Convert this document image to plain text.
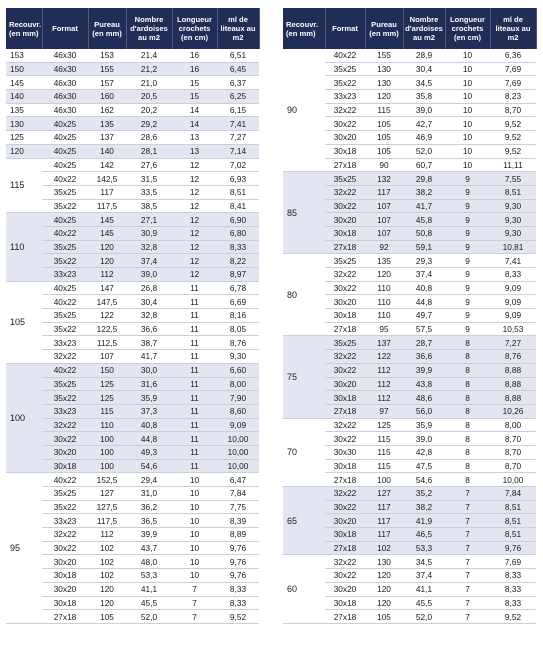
Recouvr. (en mm)	Format	Pureau (en mm)	Nombre d'ardoises au m2	Longueur crochets (en cm)	ml de liteaux au m2
153	46x30	153	21,4	16	6,51
150	46x30	155	21,2	16	6,45
145	46x30	157	21,0	15	6,37
140	46x30	160	20,5	15	6,25
135	46x30	162	20,2	14	6,15
130	40x25	135	29,2	14	7,41
125	40x25	137	28,6	13	7,27
120	40x25	140	28,1	13	7,14
115	40x25	142	27,6	12	7,02
	40x22	142,5	31,5	12	6,93
	35x25	117	33,5	12	8,51
	35x22	117,5	38,5	12	8,41
110	40x25	145	27,1	12	6,90
	40x22	145	30,9	12	6,80
	35x25	120	32,8	12	8,33
	35x22	120	37,4	12	8,22
	33x23	112	39,0	12	8,97
105	40x25	147	26,8	11	6,78
	40x22	147,5	30,4	11	6,69
	35x25	122	32,8	11	8,16
	35x22	122,5	36,6	11	8,05
	33x23	112,5	38,7	11	8,76
	32x22	107	41,7	11	9,30
100	40x22	150	30,0	11	6,60
	35x25	125	31,6	11	8,00
	35x22	125	35,9	11	7,90
	33x23	115	37,3	11	8,60
	32x22	110	40,8	11	9,09
	30x22	100	44,8	11	10,00
	30x20	100	49,3	11	10,00
	30x18	100	54,6	11	10,00
95	40x22	152,5	29,4	10	6,47
	35x25	127	31,0	10	7,84
	35x22	127,5	36,2	10	7,75
	33x23	117,5	36,5	10	8,39
	32x22	112	39,9	10	8,89
	30x22	102	43,7	10	9,76
	30x20	102	48,0	10	9,76
	30x18	102	53,3	10	9,76
	30x20	120	41,1	7	8,33
	30x18	120	45,5	7	8,33
	27x18	105	52,0	7	9,52
Recouvr. (en mm)	Format	Pureau (en mm)	Nombre d'ardoises au m2	Longueur crochets (en cm)	ml de liteaux au m2
90	40x22	155	28,9	10	6,36
	35x25	130	30,4	10	7,69
	35x22	130	34,5	10	7,69
	33x23	120	35,8	10	8,23
	32x22	115	39,0	10	8,70
	30x22	105	42,7	10	9,52
	30x20	105	46,9	10	9,52
	30x18	105	52,0	10	9,52
	27x18	90	60,7	10	11,11
85	35x25	132	29,8	9	7,55
	32x22	117	38,2	9	8,51
	30x22	107	41,7	9	9,30
	30x20	107	45,8	9	9,30
	30x18	107	50,8	9	9,30
	27x18	92	59,1	9	10,81
80	35x25	135	29,3	9	7,41
	32x22	120	37,4	9	8,33
	30x22	110	40,8	9	9,09
	30x20	110	44,8	9	9,09
	30x18	110	49,7	9	9,09
	27x18	95	57,5	9	10,53
75	35x25	137	28,7	8	7,27
	32x22	122	36,6	8	8,76
	30x22	112	39,9	8	8,88
	30x20	112	43,8	8	8,88
	30x18	112	48,6	8	8,88
	27x18	97	56,0	8	10,26
70	32x22	125	35,9	8	8,00
	30x22	115	39,0	8	8,70
	30x30	115	42,8	8	8,70
	30x18	115	47,5	8	8,70
	27x18	100	54,6	8	10,00
65	32x22	127	35,2	7	7,84
	30x22	117	38,2	7	8,51
	30x20	117	41,9	7	8,51
	30x18	117	46,5	7	8,51
	27x18	102	53,3	7	9,76
60	32x22	130	34,5	7	7,69
	30x22	120	37,4	7	8,33
	30x20	120	41,1	7	8,33
	30x18	120	45,5	7	8,33
	27x18	105	52,0	7	9,52
